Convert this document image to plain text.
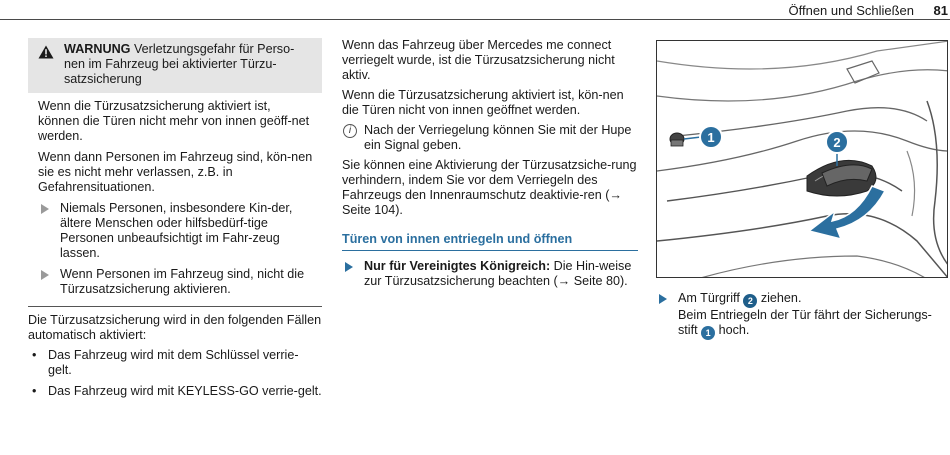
Öffnen und Schließen 81
WARNUNG Verletzungsgefahr für Perso-nen im Fahrzeug bei aktivierter Türzu-satzsicherung

Wenn die Türzusatzsicherung aktiviert ist, können die Türen nicht mehr von innen geöff-net werden.

Wenn dann Personen im Fahrzeug sind, kön-nen sie es nicht mehr verlassen, z.B. in Gefahrensituationen.

Niemals Personen, insbesondere Kin-der, ältere Menschen oder hilfsbedürf-tige Personen unbeaufsichtigt im Fahr-zeug lassen.
Wenn Personen im Fahrzeug sind, nicht die Türzusatzsicherung aktivieren.

Die Türzusatzsicherung wird in den folgenden Fällen automatisch aktiviert:

• Das Fahrzeug wird mit dem Schlüssel verrie-gelt.
• Das Fahrzeug wird mit KEYLESS-GO verrie-gelt.

Wenn das Fahrzeug über Mercedes me connect verriegelt wurde, ist die Türzusatzsicherung nicht aktiv.

Wenn die Türzusatzsicherung aktiviert ist, kön-nen die Türen nicht von innen geöffnet werden.

i	Nach der Verriegelung können Sie mit der Hupe ein Signal geben.

Sie können eine Aktivierung der Türzusatzsiche-rung verhindern, indem Sie vor dem Verriegeln des Fahrzeugs den Innenraumschutz deaktivie-ren (→ Seite 104).

Türen von innen entriegeln und öffnen
Nur für Vereinigtes Königreich: Die Hin-weise zur Türzusatzsicherung beachten (→ Seite 80).
1	2
Am Türgriff 2 ziehen.
Beim Entriegeln der Tür fährt der Sicherungs-stift 1 hoch.
